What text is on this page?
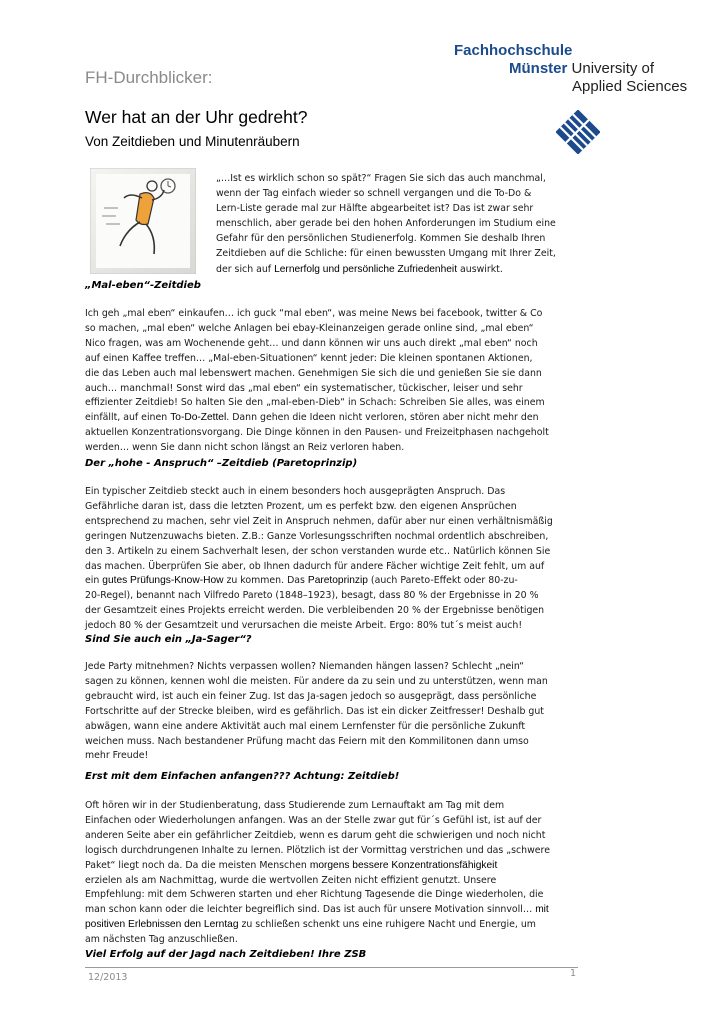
Fachhochschule
Münster University of
Applied Sciences
FH-Durchblicker:
Wer hat an der Uhr gedreht?
Von Zeitdieben und Minutenräubern
„…Ist es wirklich schon so spät?“ Fragen Sie sich das auch manchmal,
wenn der Tag einfach wieder so schnell vergangen und die To-Do &
Lern-Liste gerade mal zur Hälfte abgearbeitet ist? Das ist zwar sehr
menschlich, aber gerade bei den hohen Anforderungen im Studium eine
Gefahr für den persönlichen Studienerfolg. Kommen Sie deshalb Ihren
Zeitdieben auf die Schliche: für einen bewussten Umgang mit Ihrer Zeit,
der sich auf Lernerfolg und persönliche Zufriedenheit auswirkt.
„Mal-eben“-Zeitdieb
Ich geh „mal eben“ einkaufen… ich guck “mal eben“, was meine News bei facebook, twitter & Co
so machen, „mal eben“ welche Anlagen bei ebay-Kleinanzeigen gerade online sind, „mal eben“
Nico fragen, was am Wochenende geht… und dann können wir uns auch direkt „mal eben“ noch
auf einen Kaffee treffen… „Mal-eben-Situationen“ kennt jeder: Die kleinen spontanen Aktionen,
die das Leben auch mal lebenswert machen. Genehmigen Sie sich die und genießen Sie sie dann
auch… manchmal! Sonst wird das „mal eben“ ein systematischer, tückischer, leiser und sehr
effizienter Zeitdieb! So halten Sie den „mal-eben-Dieb“ in Schach: Schreiben Sie alles, was einem
einfällt, auf einen To-Do-Zettel. Dann gehen die Ideen nicht verloren, stören aber nicht mehr den
aktuellen Konzentrationsvorgang. Die Dinge können in den Pausen- und Freizeitphasen nachgeholt
werden… wenn Sie dann nicht schon längst an Reiz verloren haben.
Der „hohe - Anspruch“ –Zeitdieb (Paretoprinzip)
Ein typischer Zeitdieb steckt auch in einem besonders hoch ausgeprägten Anspruch. Das
Gefährliche daran ist, dass die letzten Prozent, um es perfekt bzw. den eigenen Ansprüchen
entsprechend zu machen, sehr viel Zeit in Anspruch nehmen, dafür aber nur einen verhältnismäßig
geringen Nutzenzuwachs bieten. Z.B.: Ganze Vorlesungsschriften nochmal ordentlich abschreiben,
den 3. Artikeln zu einem Sachverhalt lesen, der schon verstanden wurde etc.. Natürlich können Sie
das machen. Überprüfen Sie aber, ob Ihnen dadurch für andere Fächer wichtige Zeit fehlt, um auf
ein gutes Prüfungs-Know-How zu kommen. Das Paretoprinzip (auch Pareto-Effekt oder 80-zu-
20-Regel), benannt nach Vilfredo Pareto (1848–1923), besagt, dass 80 % der Ergebnisse in 20 %
der Gesamtzeit eines Projekts erreicht werden. Die verbleibenden 20 % der Ergebnisse benötigen
jedoch 80 % der Gesamtzeit und verursachen die meiste Arbeit. Ergo: 80% tut´s meist auch!
Sind Sie auch ein „Ja-Sager“?
Jede Party mitnehmen? Nichts verpassen wollen? Niemanden hängen lassen? Schlecht „nein“
sagen zu können, kennen wohl die meisten. Für andere da zu sein und zu unterstützen, wenn man
gebraucht wird, ist auch ein feiner Zug. Ist das Ja-sagen jedoch so ausgeprägt, dass persönliche
Fortschritte auf der Strecke bleiben, wird es gefährlich. Das ist ein dicker Zeitfresser! Deshalb gut
abwägen, wann eine andere Aktivität auch mal einem Lernfenster für die persönliche Zukunft
weichen muss. Nach bestandener Prüfung macht das Feiern mit den Kommilitonen dann umso
mehr Freude!
Erst mit dem Einfachen anfangen??? Achtung: Zeitdieb!
Oft hören wir in der Studienberatung, dass Studierende zum Lernauftakt am Tag mit dem
Einfachen oder Wiederholungen anfangen. Was an der Stelle zwar gut für´s Gefühl ist, ist auf der
anderen Seite aber ein gefährlicher Zeitdieb, wenn es darum geht die schwierigen und noch nicht
logisch durchdrungenen Inhalte zu lernen. Plötzlich ist der Vormittag verstrichen und das „schwere
Paket“ liegt noch da. Da die meisten Menschen morgens bessere Konzentrationsfähigkeit
erzielen als am Nachmittag, wurde die wertvollen Zeiten nicht effizient genutzt. Unsere
Empfehlung: mit dem Schweren starten und eher Richtung Tagesende die Dinge wiederholen, die
man schon kann oder die leichter begreiflich sind. Das ist auch für unsere Motivation sinnvoll… mit
positiven Erlebnissen den Lerntag zu schließen schenkt uns eine ruhigere Nacht und Energie, um
am nächsten Tag anzuschließen.
Viel Erfolg auf der Jagd nach Zeitdieben! Ihre ZSB
12/2013	1
